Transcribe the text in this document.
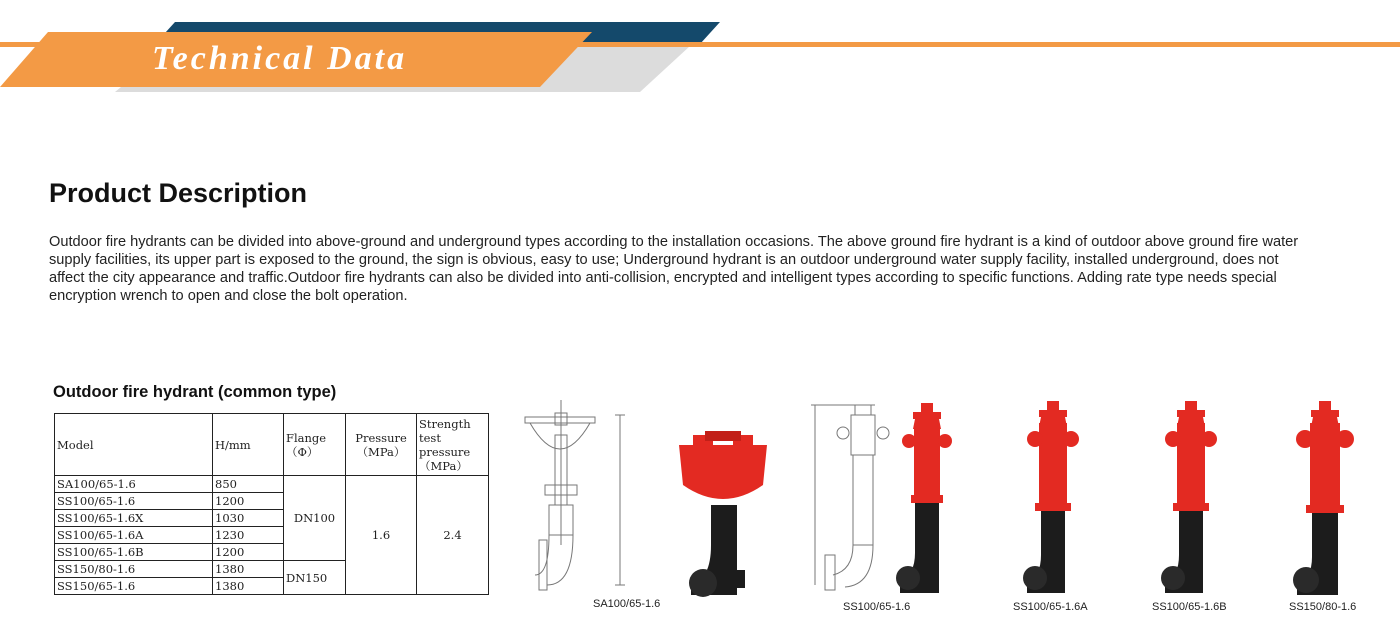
Technical Data
Product Description

Outdoor fire hydrants can be divided into above-ground and underground types according to the installation occasions. The above ground fire hydrant is a kind of outdoor above ground fire water supply facilities, its upper part is exposed to the ground, the sign is obvious, easy to use; Underground hydrant is an outdoor underground water supply facility, installed underground, does not affect the city appearance and traffic.Outdoor fire hydrants can also be divided into anti-collision, encrypted and intelligent types according to specific functions. Adding rate type needs special encryption wrench to open and close the bolt operation.

Outdoor fire hydrant (common type)
Model	H/mm	Flange （Φ）	Pressure （MPa）	Strength test pressure （MPa）
SA100/65-1.6	850	DN100	1.6	2.4
SS100/65-1.6	1200			
SS100/65-1.6X	1030			
SS100/65-1.6A	1230			
SS100/65-1.6B	1200			
SS150/80-1.6	1380	DN150		
SS150/65-1.6	1380			
SA100/65-1.6	SS100/65-1.6	SS100/65-1.6A	SS100/65-1.6B	SS150/80-1.6
